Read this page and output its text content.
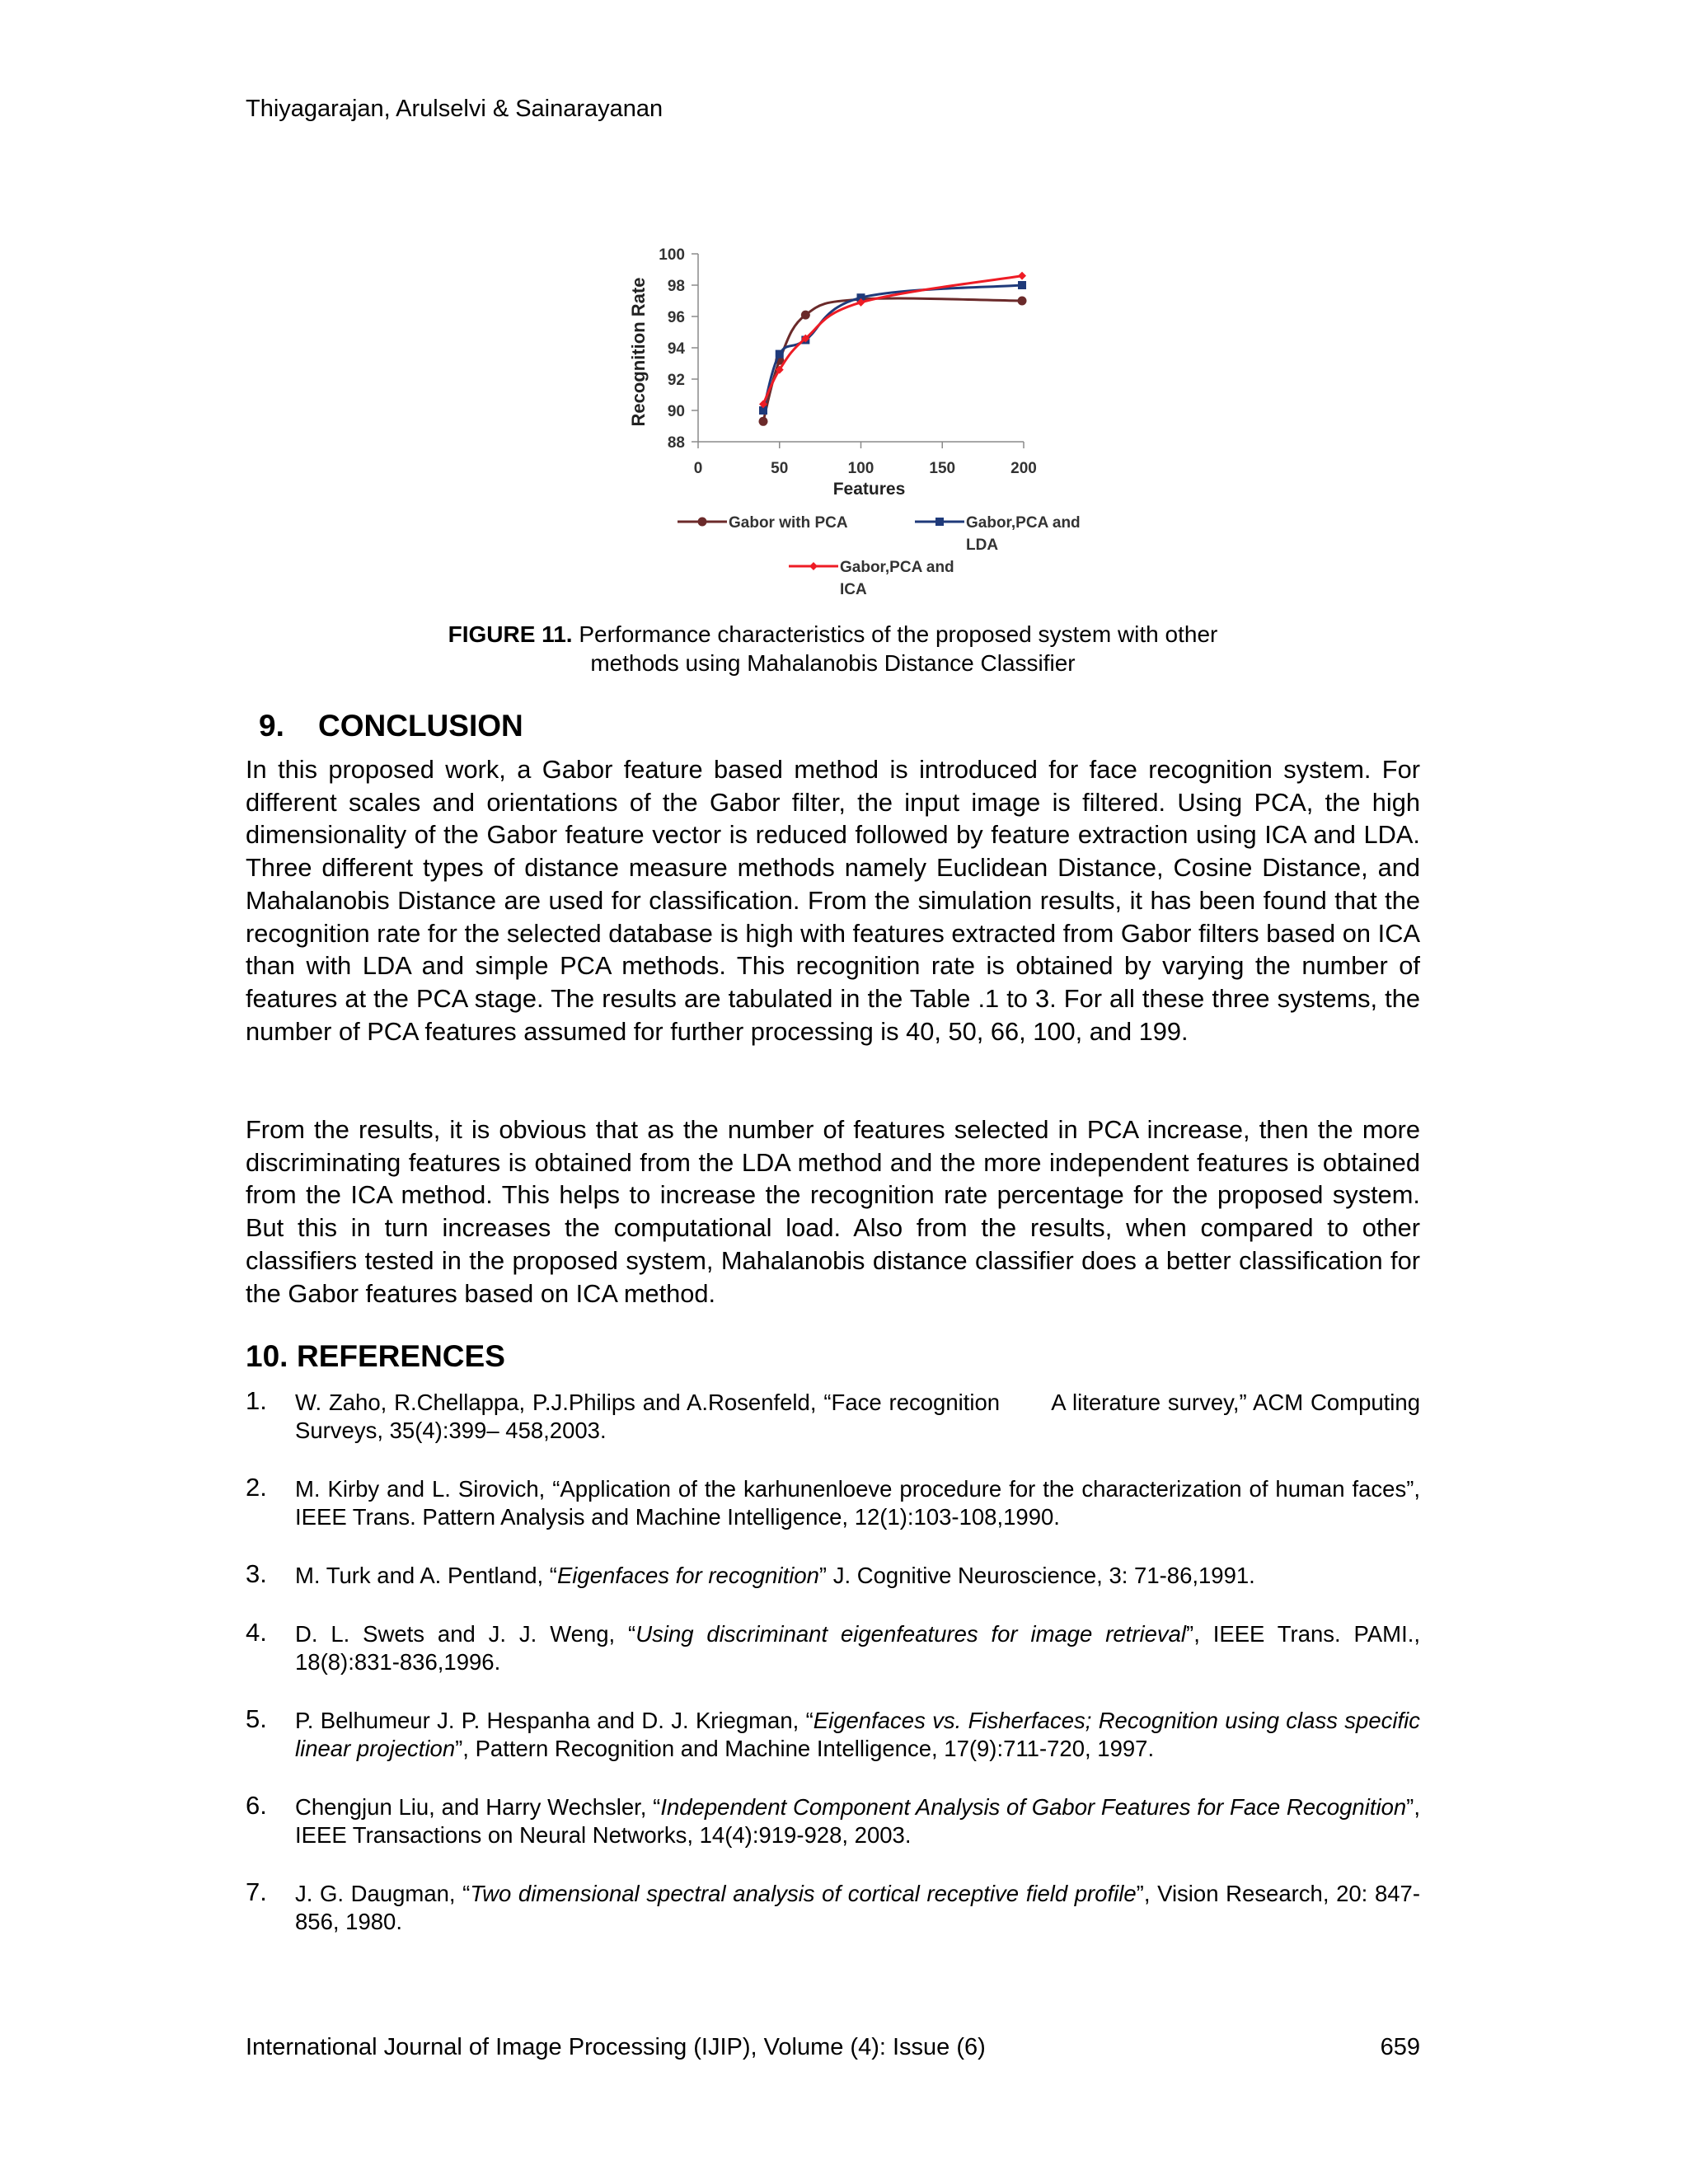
Thiyagarajan, Arulselvi & Sainarayanan
88
90
92
94
96
98
100
0	50	100	150	200
Features
Recognition Rate
Gabor with PCA	Gabor,PCA and
LDA
Gabor,PCA and
ICA
FIGURE 11. Performance characteristics of the proposed system with other
methods using Mahalanobis Distance Classifier
9. CONCLUSION

In this proposed work, a Gabor feature based method is introduced for face recognition system. For different scales and orientations of the Gabor filter, the input image is filtered. Using PCA, the high dimensionality of the Gabor feature vector is reduced followed by feature extraction using ICA and LDA. Three different types of distance measure methods namely Euclidean Distance, Cosine Distance, and Mahalanobis Distance are used for classification. From the simulation results, it has been found that the recognition rate for the selected database is high with features extracted from Gabor filters based on ICA than with LDA and simple PCA methods. This recognition rate is obtained by varying the number of features at the PCA stage. The results are tabulated in the Table .1 to 3. For all these three systems, the number of PCA features assumed for further processing is 40, 50, 66, 100, and 199.

From the results, it is obvious that as the number of features selected in PCA increase, then the more discriminating features is obtained from the LDA method and the more independent features is obtained from the ICA method. This helps to increase the recognition rate percentage for the proposed system. But this in turn increases the computational load. Also from the results, when compared to other classifiers tested in the proposed system, Mahalanobis distance classifier does a better classification for the Gabor features based on ICA method.

10. REFERENCES
1. W. Zaho, R.Chellappa, P.J.Philips and A.Rosenfeld, “Face recognition       A literature survey,” ACM Computing Surveys, 35(4):399– 458,2003.
2. M. Kirby and L. Sirovich, “Application of the karhunenloeve procedure for the characterization of human faces”, IEEE Trans. Pattern Analysis and Machine Intelligence, 12(1):103-108,1990.
3. M. Turk and A. Pentland, “Eigenfaces for recognition” J. Cognitive Neuroscience, 3: 71-86,1991.
4. D. L. Swets and J. J. Weng, “Using discriminant eigenfeatures for image retrieval”, IEEE Trans. PAMI., 18(8):831-836,1996.
5. P. Belhumeur J. P. Hespanha and D. J. Kriegman, “Eigenfaces vs. Fisherfaces; Recognition using class specific linear projection”, Pattern Recognition and Machine Intelligence, 17(9):711-720, 1997.
6. Chengjun Liu, and Harry Wechsler, “Independent Component Analysis of Gabor Features for Face Recognition”, IEEE Transactions on Neural Networks, 14(4):919-928, 2003.
7. J. G. Daugman, “Two dimensional spectral analysis of cortical receptive field profile”, Vision Research, 20: 847-856, 1980.
International Journal of Image Processing (IJIP), Volume (4): Issue (6)	659
